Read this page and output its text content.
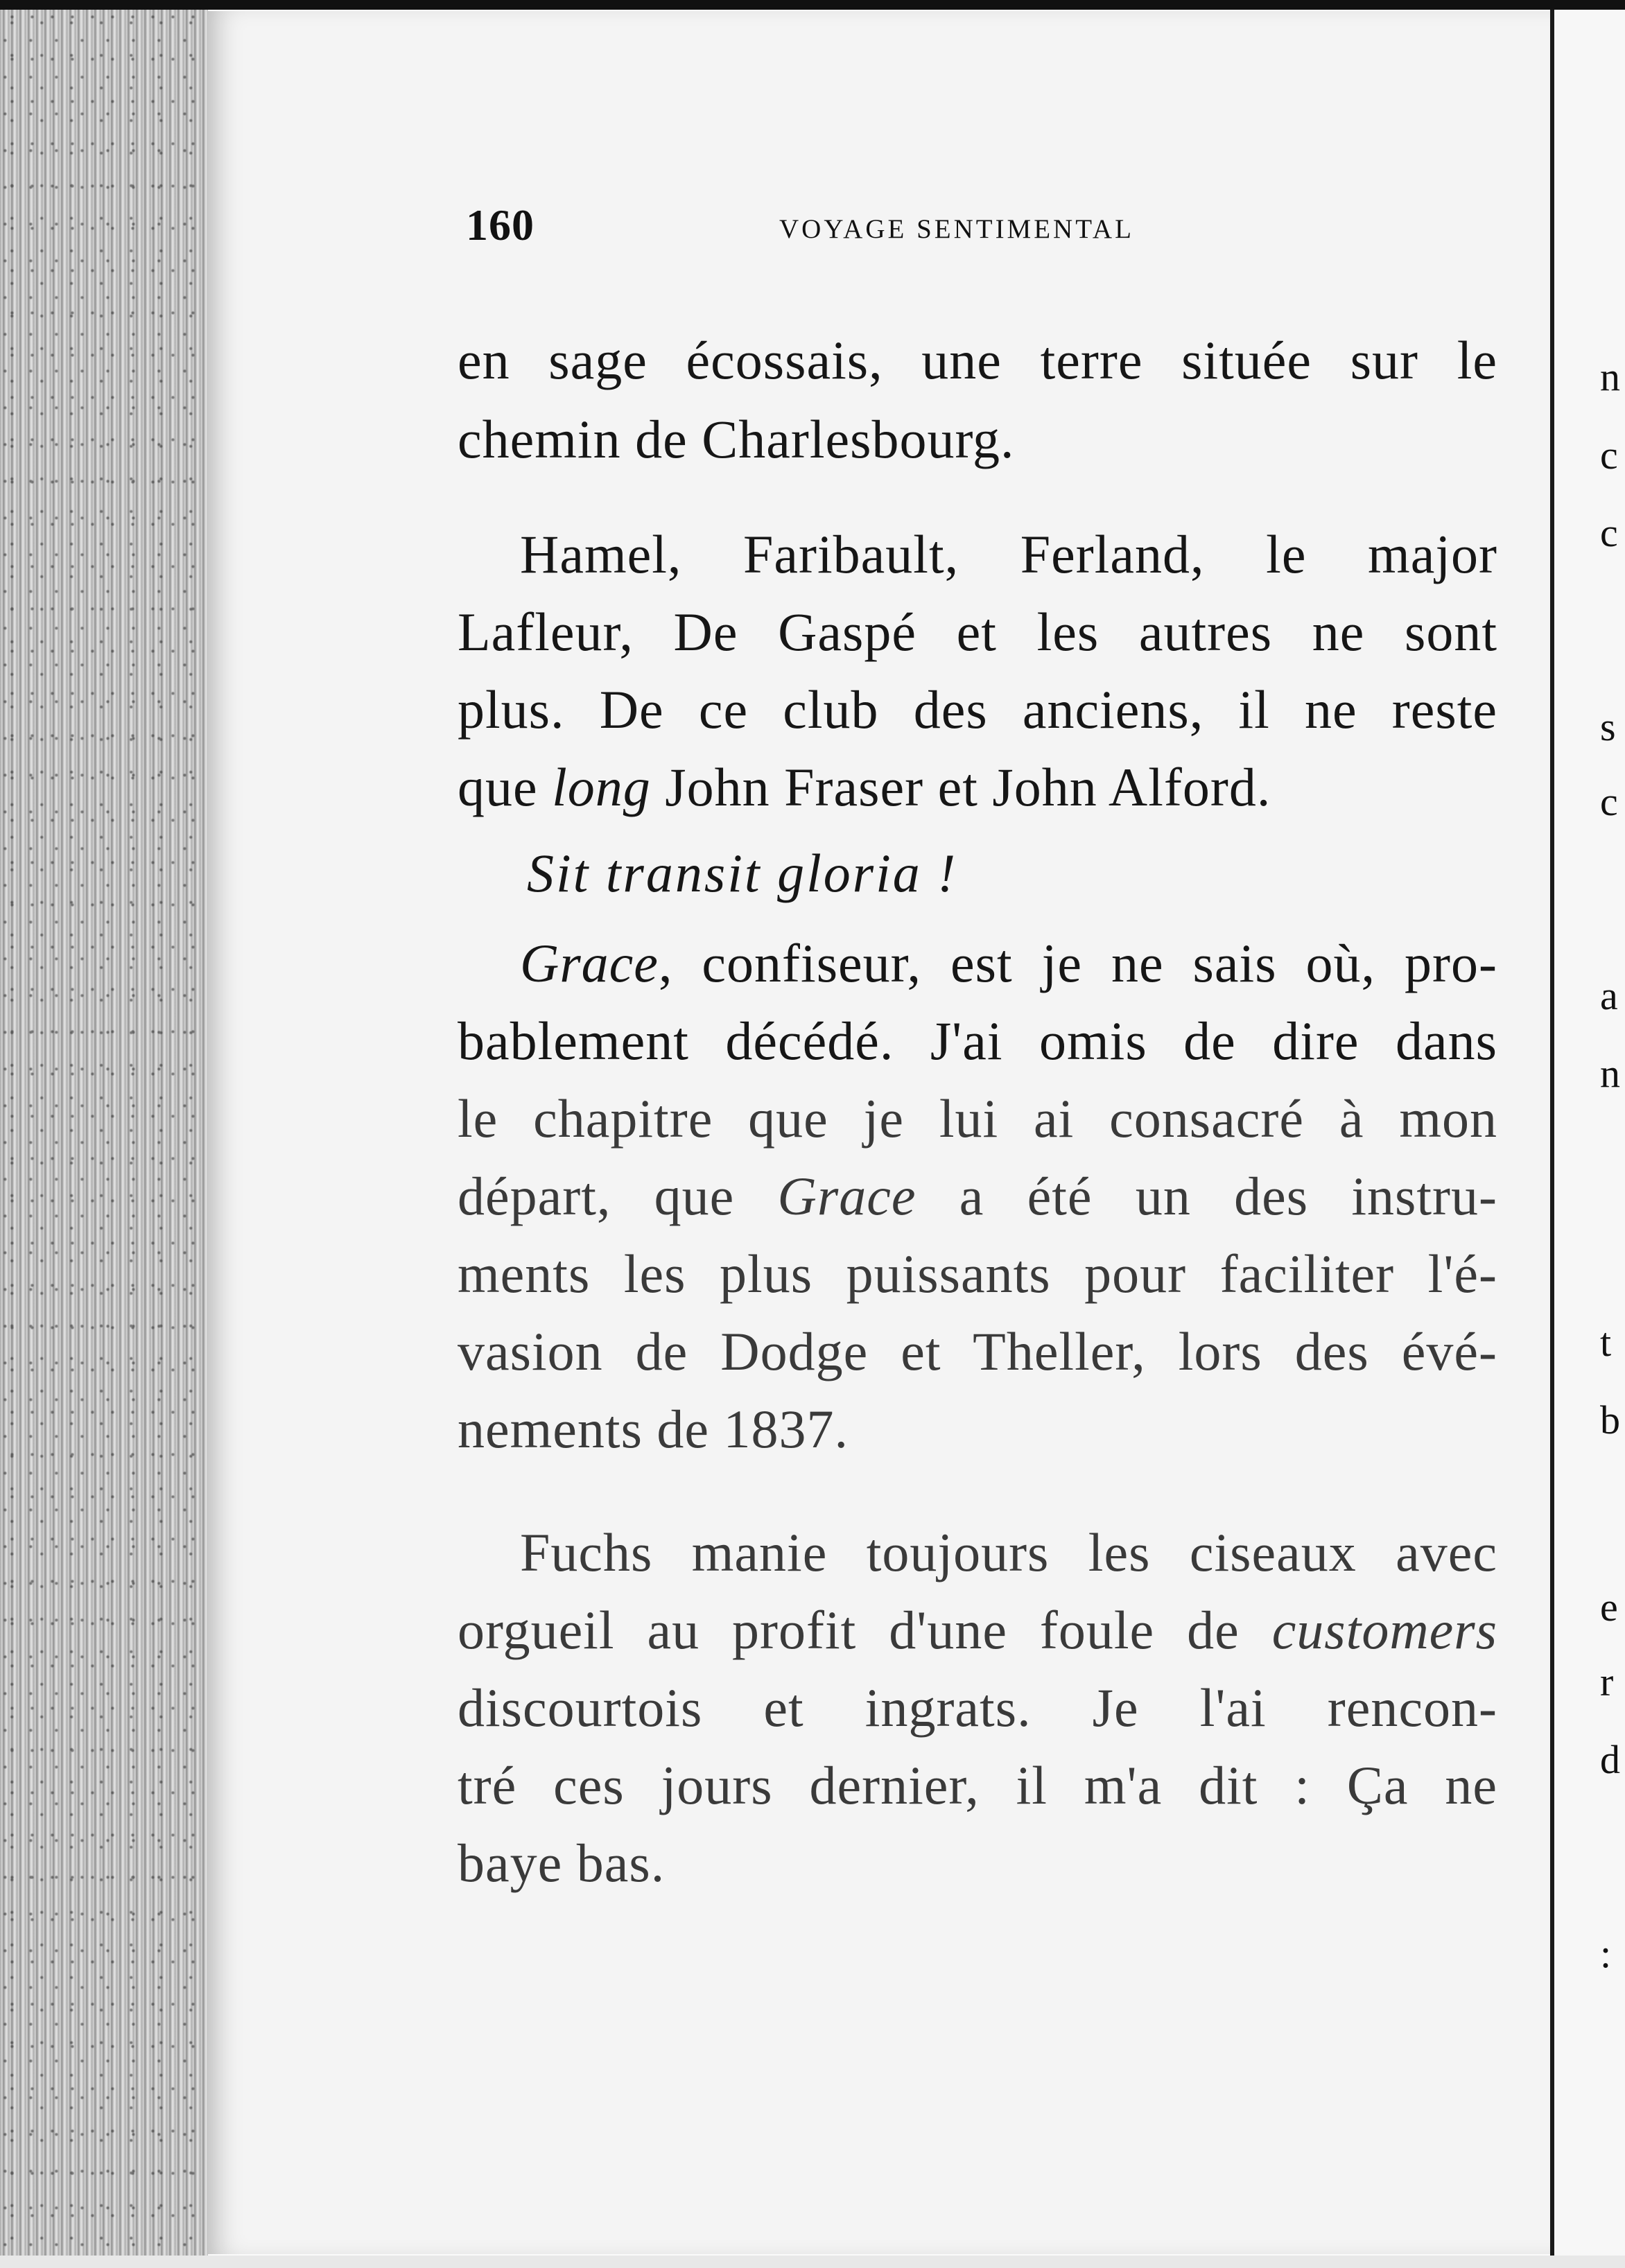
n
c
c
s
c
a
n
t
b
e
r
d
:
160	VOYAGE SENTIMENTAL
en sage écossais, une terre située sur le
chemin de Charlesbourg.
Hamel, Faribault, Ferland, le major
Lafleur, De Gaspé et les autres ne sont
plus. De ce club des anciens, il ne reste
que long John Fraser et John Alford.
Sit transit gloria !
Grace, confiseur, est je ne sais où, pro-
bablement décédé. J'ai omis de dire dans
le chapitre que je lui ai consacré à mon
départ, que Grace a été un des instru-
ments les plus puissants pour faciliter l'é-
vasion de Dodge et Theller, lors des évé-
nements de 1837.
Fuchs manie toujours les ciseaux avec
orgueil au profit d'une foule de customers
discourtois et ingrats. Je l'ai rencon-
tré ces jours dernier, il m'a dit : Ça ne
baye bas.
